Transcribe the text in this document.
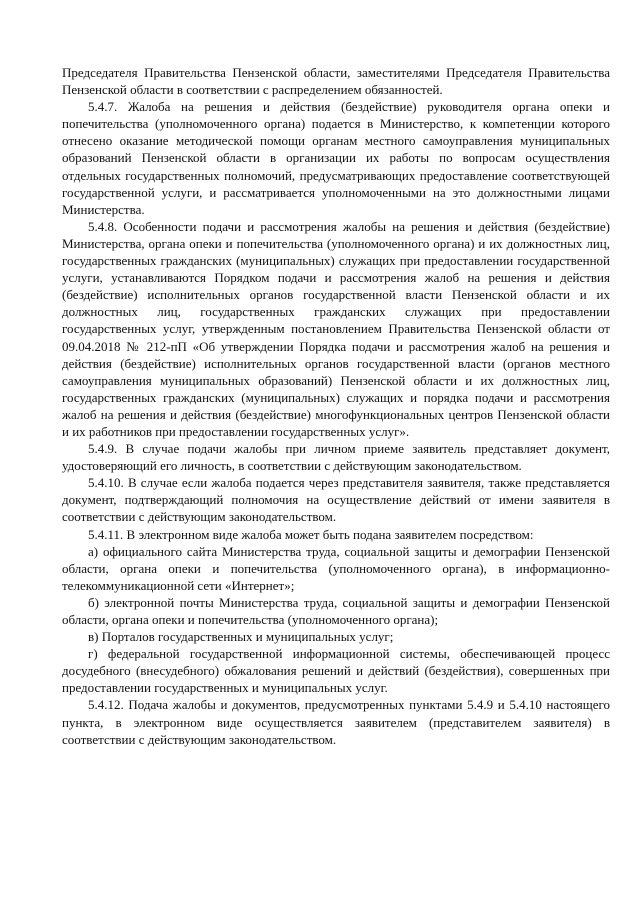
Председателя Правительства Пензенской области, заместителями Председателя Правительства Пензенской области в соответствии с распределением обязанностей.

5.4.7. Жалоба на решения и действия (бездействие) руководителя органа опеки и попечительства (уполномоченного органа) подается в Министерство, к компетенции которого отнесено оказание методической помощи органам местного самоуправления муниципальных образований Пензенской области в организации их работы по вопросам осуществления отдельных государственных полномочий, предусматривающих предоставление соответствующей государственной услуги, и рассматривается уполномоченными на это должностными лицами Министерства.

5.4.8. Особенности подачи и рассмотрения жалобы на решения и действия (бездействие) Министерства, органа опеки и попечительства (уполномоченного органа) и их должностных лиц, государственных гражданских (муниципальных) служащих при предоставлении государственной услуги, устанавливаются Порядком подачи и рассмотрения жалоб на решения и действия (бездействие) исполнительных органов государственной власти Пензенской области и их должностных лиц, государственных гражданских служащих при предоставлении государственных услуг, утвержденным постановлением Правительства Пензенской области от 09.04.2018 № 212-пП «Об утверждении Порядка подачи и рассмотрения жалоб на решения и действия (бездействие) исполнительных органов государственной власти (органов местного самоуправления муниципальных образований) Пензенской области и их должностных лиц, государственных гражданских (муниципальных) служащих и порядка подачи и рассмотрения жалоб на решения и действия (бездействие) многофункциональных центров Пензенской области и их работников при предоставлении государственных услуг».

5.4.9. В случае подачи жалобы при личном приеме заявитель представляет документ, удостоверяющий его личность, в соответствии с действующим законодательством.

5.4.10. В случае если жалоба подается через представителя заявителя, также представляется документ, подтверждающий полномочия на осуществление действий от имени заявителя в соответствии с действующим законодательством.

5.4.11. В электронном виде жалоба может быть подана заявителем посредством:

а) официального сайта Министерства труда, социальной защиты и демографии Пензенской области, органа опеки и попечительства (уполномоченного органа), в информационно-телекоммуникационной сети «Интернет»;

б) электронной почты Министерства труда, социальной защиты и демографии Пензенской области, органа опеки и попечительства (уполномоченного органа);

в) Порталов государственных и муниципальных услуг;

г) федеральной государственной информационной системы, обеспечивающей процесс досудебного (внесудебного) обжалования решений и действий (бездействия), совершенных при предоставлении государственных и муниципальных услуг.

5.4.12. Подача жалобы и документов, предусмотренных пунктами 5.4.9 и 5.4.10 настоящего пункта, в электронном виде осуществляется заявителем (представителем заявителя) в соответствии с действующим законодательством.
